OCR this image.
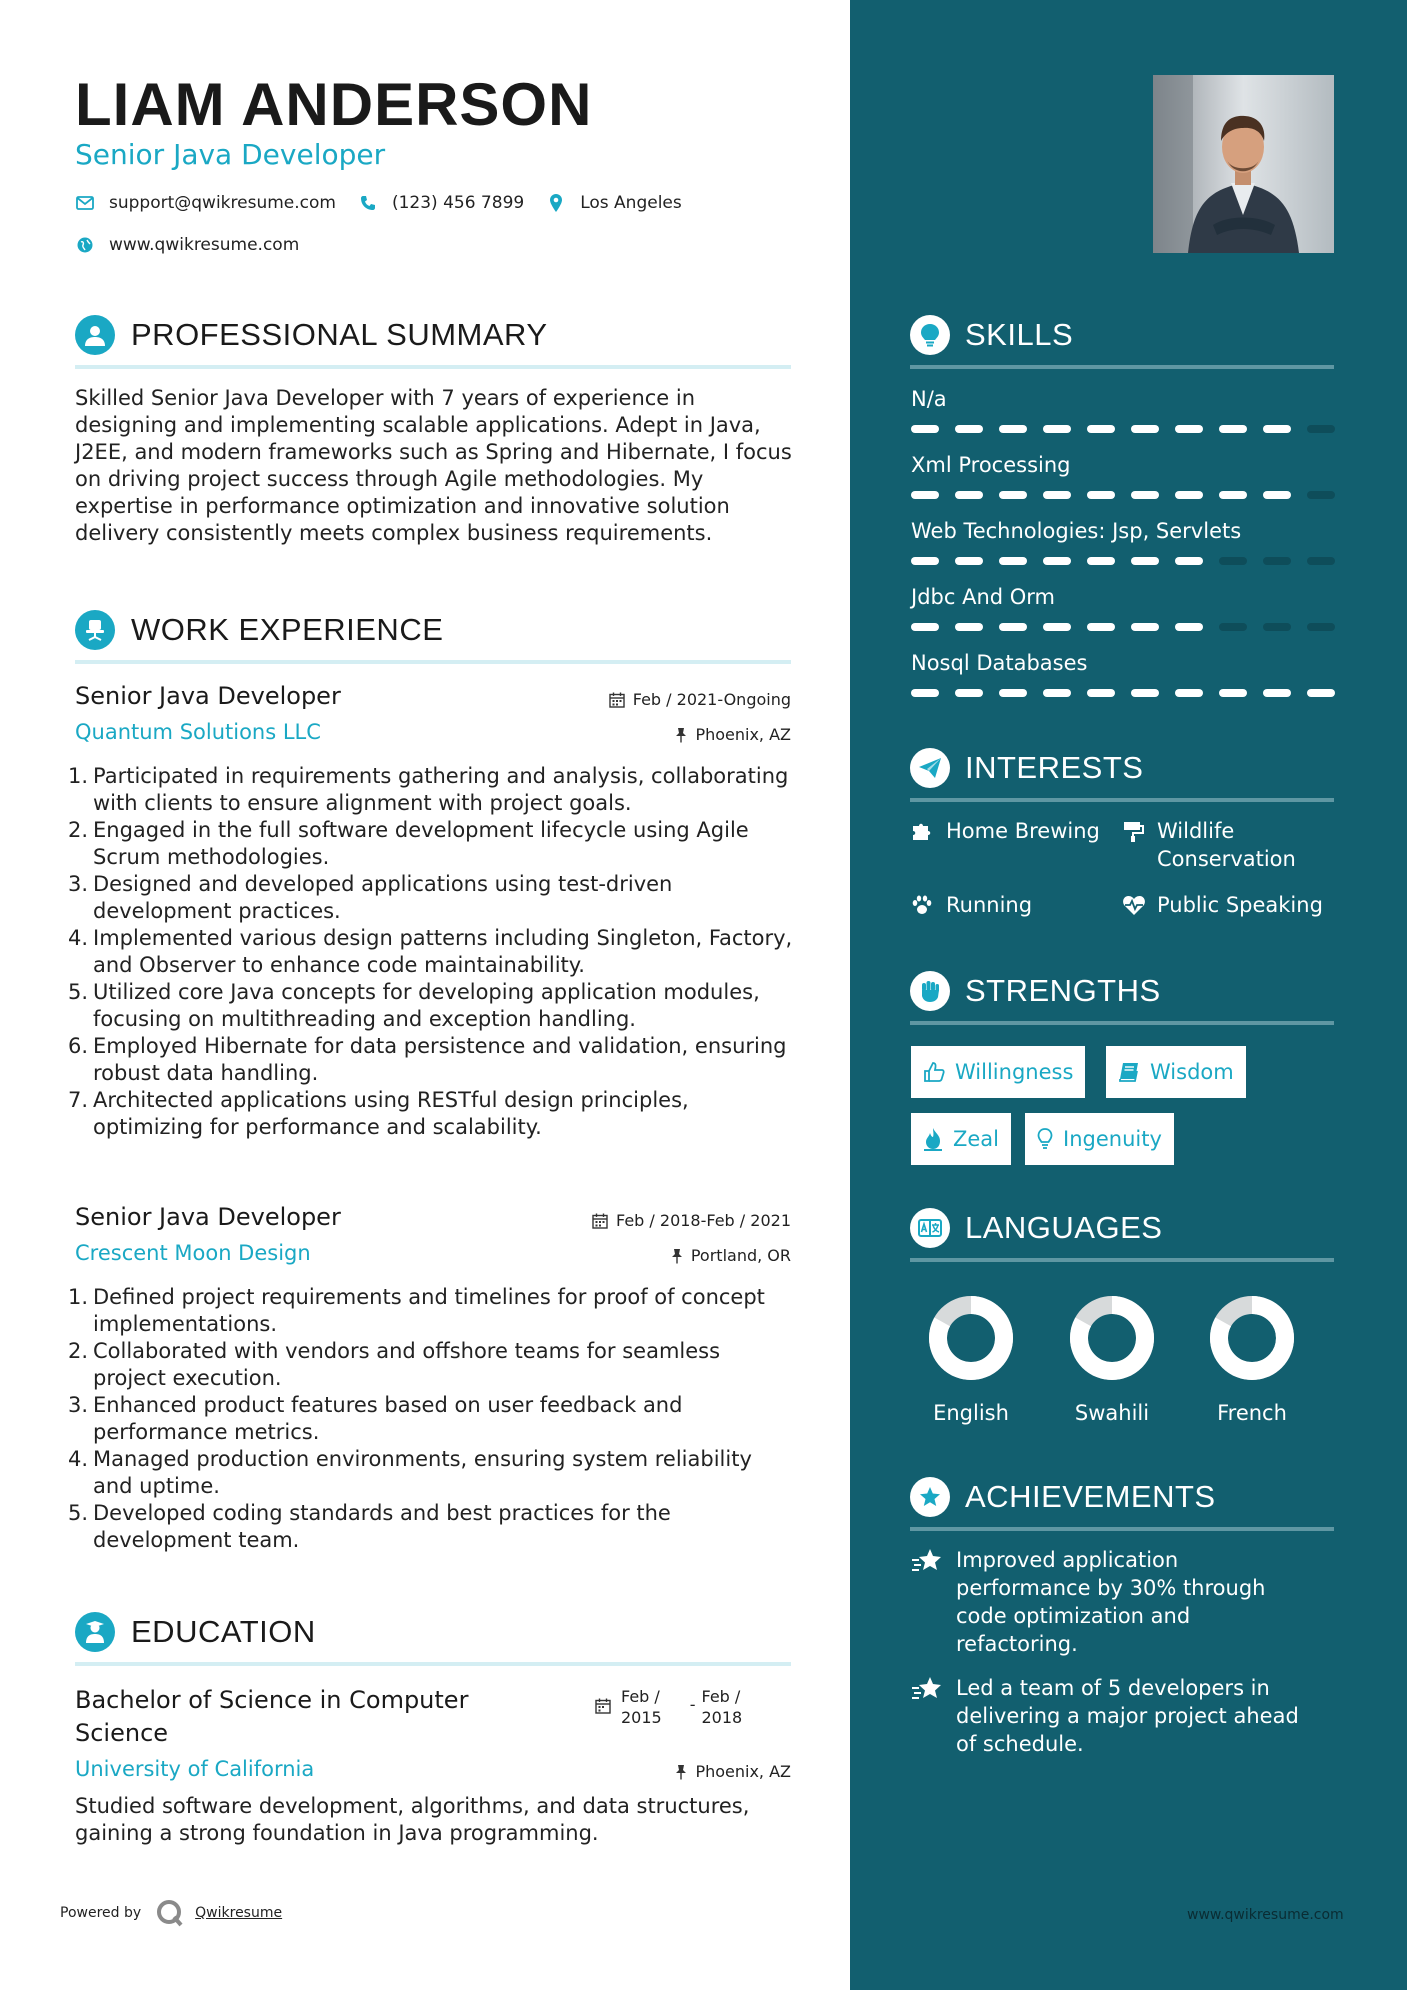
LIAM ANDERSON
Senior Java Developer
support@qwikresume.com	(123) 456 7899	Los Angeles
www.qwikresume.com
PROFESSIONAL SUMMARY
Skilled Senior Java Developer with 7 years of experience in designing and implementing scalable applications. Adept in Java, J2EE, and modern frameworks such as Spring and Hibernate, I focus on driving project success through Agile methodologies. My expertise in performance optimization and innovative solution delivery consistently meets complex business requirements.
WORK EXPERIENCE
Senior Java Developer	Feb / 2021-Ongoing
Quantum Solutions LLC	Phoenix, AZ
1. Participated in requirements gathering and analysis, collaborating with clients to ensure alignment with project goals.
2. Engaged in the full software development lifecycle using Agile Scrum methodologies.
3. Designed and developed applications using test-driven development practices.
4. Implemented various design patterns including Singleton, Factory, and Observer to enhance code maintainability.
5. Utilized core Java concepts for developing application modules, focusing on multithreading and exception handling.
6. Employed Hibernate for data persistence and validation, ensuring robust data handling.
7. Architected applications using RESTful design principles, optimizing for performance and scalability.
Senior Java Developer	Feb / 2018-Feb / 2021
Crescent Moon Design	Portland, OR
1. Defined project requirements and timelines for proof of concept implementations.
2. Collaborated with vendors and offshore teams for seamless project execution.
3. Enhanced product features based on user feedback and performance metrics.
4. Managed production environments, ensuring system reliability and uptime.
5. Developed coding standards and best practices for the development team.
EDUCATION
Bachelor of Science in Computer
Science
Feb /
2015
- Feb /
2018
University of California	Phoenix, AZ
Studied software development, algorithms, and data structures, gaining a strong foundation in Java programming.
Powered by	Qwikresume
SKILLS
N/a
Xml Processing
Web Technologies: Jsp, Servlets
Jdbc And Orm
Nosql Databases
INTERESTS
Home Brewing	Wildlife
Conservation
Running	Public Speaking
STRENGTHS
Willingness	Wisdom
Zeal	Ingenuity
LANGUAGES
English	Swahili	French
ACHIEVEMENTS
Improved application
performance by 30% through
code optimization and
refactoring.
Led a team of 5 developers in
delivering a major project ahead
of schedule.
www.qwikresume.com
